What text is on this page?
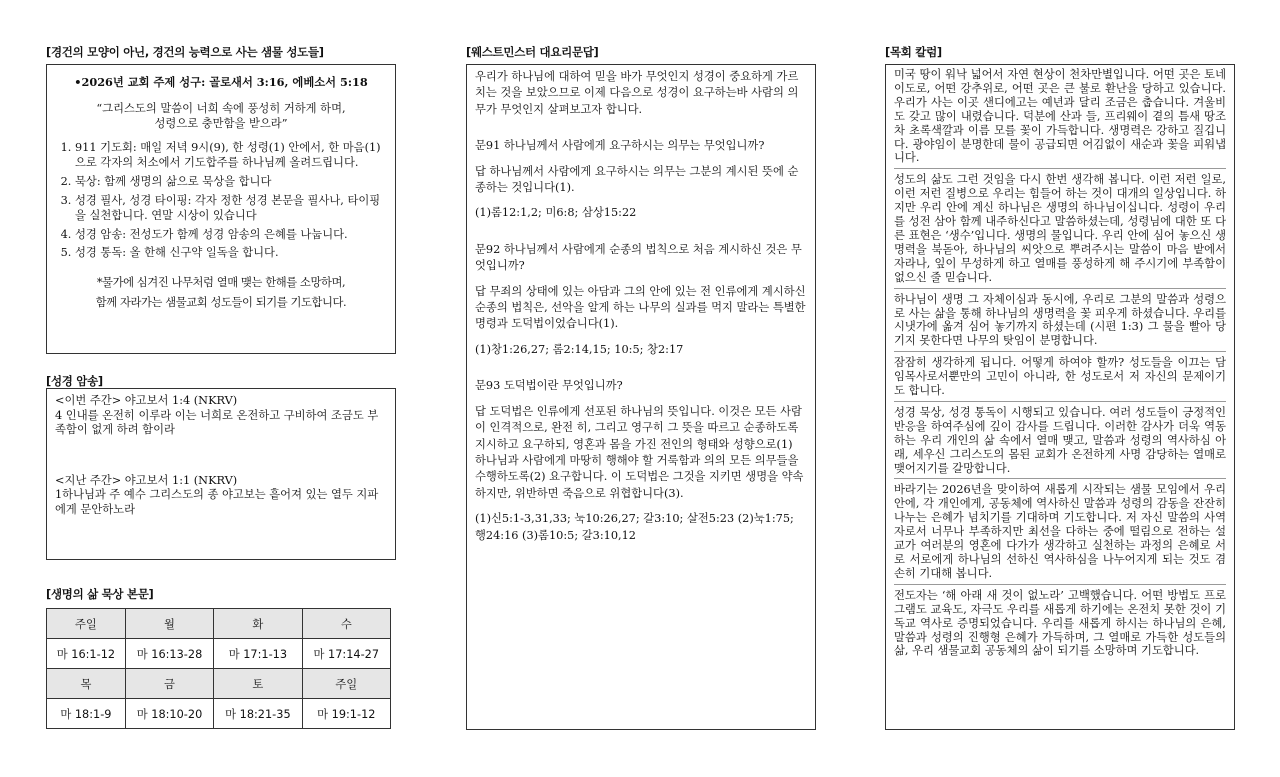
[경건의 모양이 아닌, 경건의 능력으로 사는 샘물 성도들]

•2026년 교회 주제 성구: 골로새서 3:16, 에베소서 5:18

“그리스도의 말씀이 너희 속에 풍성히 거하게 하며,

성령으로 충만함을 받으라”

1. 911 기도회: 매일 저녁 9시(9), 한 성령(1) 안에서, 한 마음(1)으로 각자의 처소에서 기도합주를 하나님께 올려드립니다.
2. 묵상: 함께 생명의 삶으로 묵상을 합니다
3. 성경 필사, 성경 타이핑: 각자 정한 성경 본문을 필사나, 타이핑을 실천합니다. 연말 시상이 있습니다
4. 성경 암송: 전성도가 함께 성경 암송의 은혜를 나눕니다.
5. 성경 통독: 올 한해 신구약 일독을 합니다.

*물가에 심겨진 나무처럼 열매 맺는 한해를 소망하며,

함께 자라가는 샘물교회 성도들이 되기를 기도합니다.

[성경 암송]

<이번 주간> 야고보서 1:4 (NKRV)

4 인내를 온전히 이루라 이는 너희로 온전하고 구비하여 조금도 부족함이 없게 하려 함이라

<지난 주간> 야고보서 1:1 (NKRV)

1하나님과 주 예수 그리스도의 종 야고보는 흩어져 있는 열두 지파에게 문안하노라

[생명의 삶 묵상 본문]
주일	월	화	수
마 16:1-12	마 16:13-28	마 17:1-13	마 17:14-27
목	금	토	주일
마 18:1-9	마 18:10-20	마 18:21-35	마 19:1-12
[웨스트민스터 대요리문답]

우리가 하나님에 대하여 믿을 바가 무엇인지 성경이 중요하게 가르치는 것을 보았으므로 이제 다음으로 성경이 요구하는바 사람의 의무가 무엇인지 살펴보고자 합니다.

문91 하나님께서 사람에게 요구하시는 의무는 무엇입니까?

답 하나님께서 사람에게 요구하시는 의무는 그분의 계시된 뜻에 순종하는 것입니다(1).

(1)롬12:1,2; 미6:8; 삼상15:22

문92 하나님께서 사람에게 순종의 법칙으로 처음 계시하신 것은 무엇입니까?

답 무죄의 상태에 있는 아담과 그의 안에 있는 전 인류에게 계시하신 순종의 법칙은, 선악을 알게 하는 나무의 실과를 먹지 말라는 특별한 명령과 도덕법이었습니다(1).

(1)창1:26,27; 롬2:14,15; 10:5; 창2:17

문93 도덕법이란 무엇입니까?

답 도덕법은 인류에게 선포된 하나님의 뜻입니다. 이것은 모든 사람이 인격적으로, 완전 히, 그리고 영구히 그 뜻을 따르고 순종하도록 지시하고 요구하되, 영혼과 몸을 가진 전인의 형태와 성향으로(1) 하나님과 사람에게 마땅히 행해야 할 거룩함과 의의 모든 의무들을 수행하도록(2) 요구합니다. 이 도덕법은 그것을 지키면 생명을 약속하지만, 위반하면 죽음으로 위협합니다(3).

(1)신5:1-3,31,33; 눅10:26,27; 갈3:10; 살전5:23 (2)눅1:75; 행24:16 (3)롬10:5; 갈3:10,12

[목회 칼럼]

미국 땅이 워낙 넓어서 자연 현상이 천차만별입니다. 어떤 곳은 토네이도로, 어떤 강추위로, 어떤 곳은 큰 불로 환난을 당하고 있습니다. 우리가 사는 이곳 샌디에고는 예년과 달리 조금은 춥습니다. 겨울비도 갖고 많이 내렸습니다. 덕분에 산과 들, 프리웨이 곁의 틈새 땅조차 초록색깔과 이름 모를 꽃이 가득합니다. 생명력은 강하고 질깁니다. 광야임이 분명한데 물이 공급되면 어김없이 새순과 꽃을 피워냅니다.

성도의 삶도 그런 것임을 다시 한번 생각해 봅니다. 이런 저런 일로, 이런 저런 질병으로 우리는 힘들어 하는 것이 대개의 일상입니다. 하지만 우리 안에 계신 하나님은 생명의 하나님이십니다. 성령이 우리를 성전 삼아 함께 내주하신다고 말씀하셨는데, 성령님에 대한 또 다른 표현은 ‘생수’입니다. 생명의 물입니다. 우리 안에 심어 놓으신 생명력을 북돋아, 하나님의 씨앗으로 뿌려주시는 말씀이 마음 밭에서 자라나, 잎이 무성하게 하고 열매를 풍성하게 해 주시기에 부족함이 없으신 줄 믿습니다.

하나님이 생명 그 자체이심과 동시에, 우리로 그분의 말씀과 성령으로 사는 삶을 통해 하나님의 생명력을 꽃 피우게 하셨습니다. 우리를 시냇가에 옮겨 심어 놓기까지 하셨는데 (시편 1:3) 그 물을 빨아 당기지 못한다면 나무의 탓임이 분명합니다.

잠잠히 생각하게 됩니다. 어떻게 하여야 할까? 성도들을 이끄는 담임목사로서뿐만의 고민이 아니라, 한 성도로서 저 자신의 문제이기도 합니다.

성경 묵상, 성경 통독이 시행되고 있습니다. 여러 성도들이 긍정적인 반응을 하여주심에 깊이 감사를 드립니다. 이러한 감사가 더욱 역동하는 우리 개인의 삶 속에서 열매 맺고, 말씀과 성령의 역사하심 아래, 세우신 그리스도의 몸된 교회가 온전하게 사명 감당하는 열매로 맺어지기를 갈망합니다.

바라기는 2026년을 맞이하여 새롭게 시작되는 샘물 모임에서 우리 안에, 각 개인에게, 공동체에 역사하신 말씀과 성령의 감동을 잔잔히 나누는 은혜가 넘치기를 기대하며 기도합니다. 저 자신 말씀의 사역자로서 너무나 부족하지만 최선을 다하는 중에 떨림으로 전하는 설교가 여러분의 영혼에 다가가 생각하고 실천하는 과정의 은혜로 서로 서로에게 하나님의 선하신 역사하심을 나누어지게 되는 것도 겸손히 기대해 봅니다.

전도자는 ‘해 아래 새 것이 없노라’ 고백했습니다. 어떤 방법도 프로그램도 교육도, 자극도 우리를 새롭게 하기에는 온전치 못한 것이 기독교 역사로 증명되었습니다. 우리를 새롭게 하시는 하나님의 은혜, 말씀과 성령의 진행형 은혜가 가득하며, 그 열매로 가득한 성도들의 삶, 우리 샘물교회 공동체의 삶이 되기를 소망하며 기도합니다.
